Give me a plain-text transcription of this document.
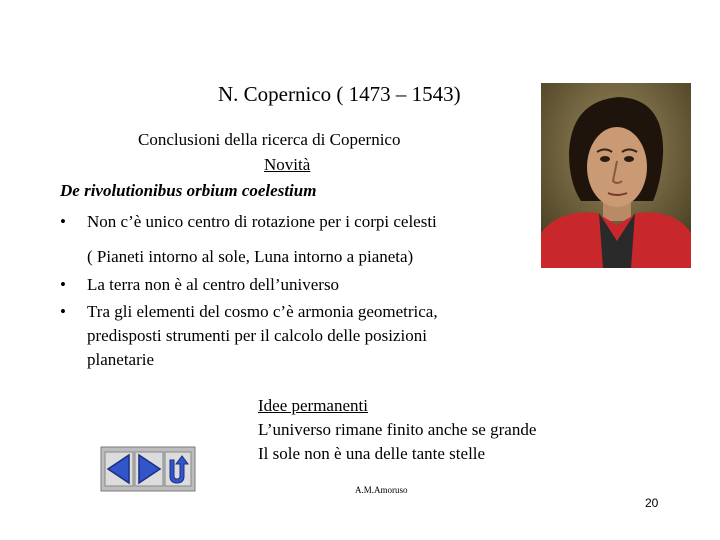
N. Copernico ( 1473 – 1543)
Conclusioni della ricerca di Copernico
Novità
De rivolutionibus orbium coelestium
• Non c’è unico centro di rotazione per i corpi celesti
( Pianeti intorno al sole, Luna intorno a pianeta)
• La terra non è al centro dell’universo
• Tra gli elementi del cosmo c’è armonia geometrica,
predisposti strumenti per il calcolo delle posizioni
planetarie
Idee permanenti
L’universo rimane finito anche se grande
Il sole non è una delle tante stelle
A.M.Amoruso
20
